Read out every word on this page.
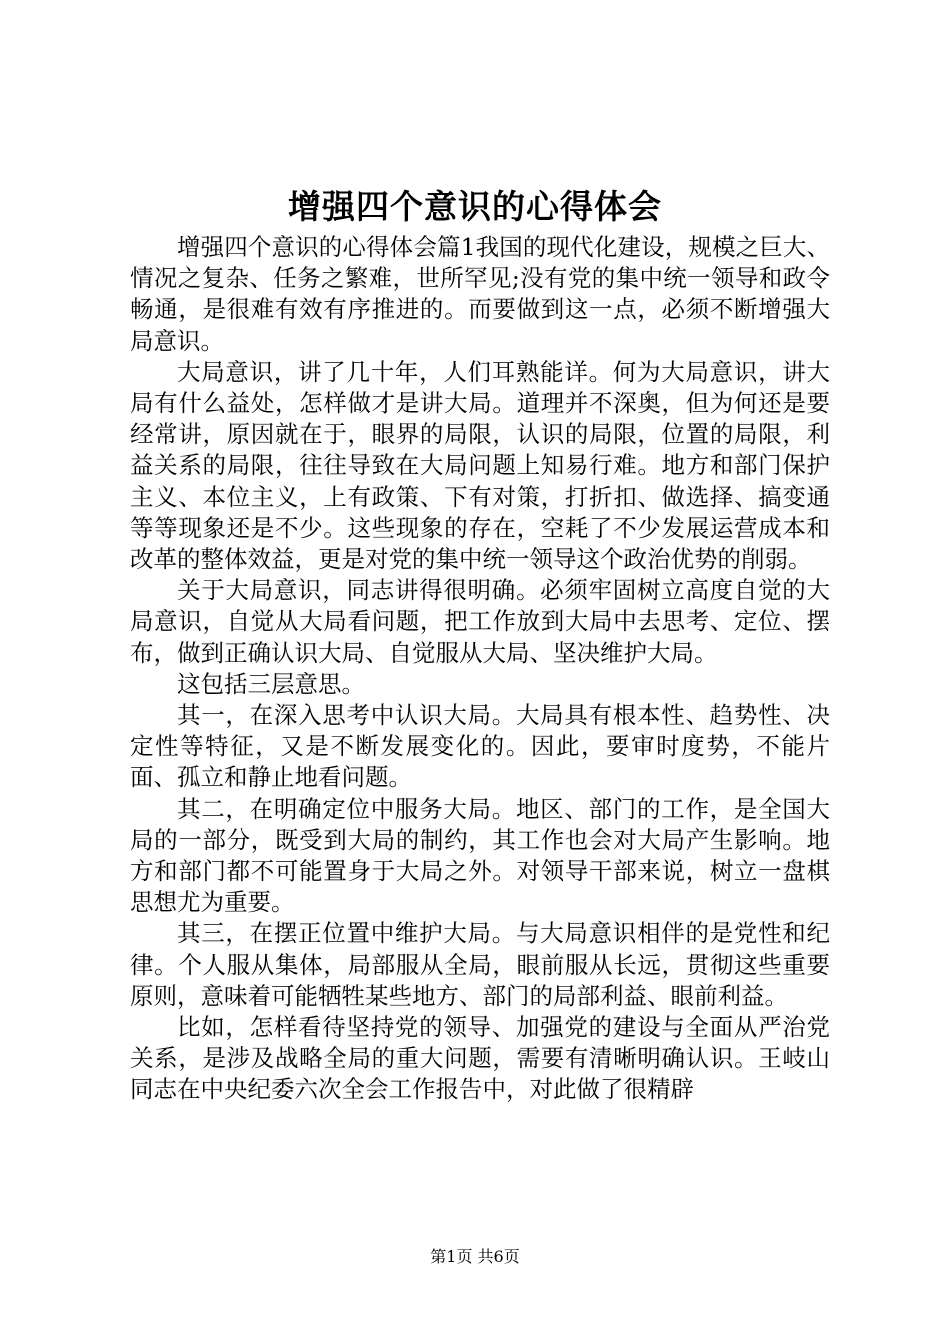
增强四个意识的心得体会

增强四个意识的心得体会篇1我国的现代化建设，规模之巨大、情况之复杂、任务之繁难，世所罕见;没有党的集中统一领导和政令畅通，是很难有效有序推进的。而要做到这一点，必须不断增强大局意识。

大局意识，讲了几十年，人们耳熟能详。何为大局意识，讲大局有什么益处，怎样做才是讲大局。道理并不深奥，但为何还是要经常讲，原因就在于，眼界的局限，认识的局限，位置的局限，利益关系的局限，往往导致在大局问题上知易行难。地方和部门保护主义、本位主义，上有政策、下有对策，打折扣、做选择、搞变通等等现象还是不少。这些现象的存在，空耗了不少发展运营成本和改革的整体效益，更是对党的集中统一领导这个政治优势的削弱。

关于大局意识，同志讲得很明确。必须牢固树立高度自觉的大局意识，自觉从大局看问题，把工作放到大局中去思考、定位、摆布，做到正确认识大局、自觉服从大局、坚决维护大局。

这包括三层意思。

其一，在深入思考中认识大局。大局具有根本性、趋势性、决定性等特征，又是不断发展变化的。因此，要审时度势，不能片面、孤立和静止地看问题。

其二，在明确定位中服务大局。地区、部门的工作，是全国大局的一部分，既受到大局的制约，其工作也会对大局产生影响。地方和部门都不可能置身于大局之外。对领导干部来说，树立一盘棋思想尤为重要。

其三，在摆正位置中维护大局。与大局意识相伴的是党性和纪律。个人服从集体，局部服从全局，眼前服从长远，贯彻这些重要原则，意味着可能牺牲某些地方、部门的局部利益、眼前利益。

比如，怎样看待坚持党的领导、加强党的建设与全面从严治党关系，是涉及战略全局的重大问题，需要有清晰明确认识。王岐山同志在中央纪委六次全会工作报告中，对此做了很精辟

第1页 共6页
